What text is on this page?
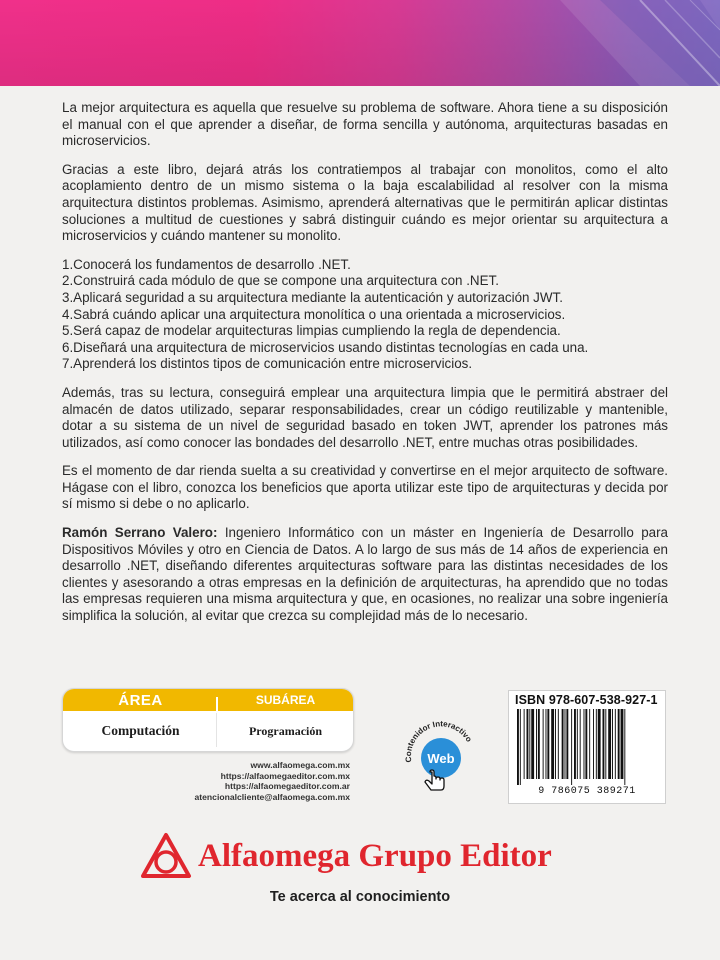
La mejor arquitectura es aquella que resuelve su problema de software. Ahora tiene a su disposición el manual con el que aprender a diseñar, de forma sencilla y autónoma, arquitecturas basadas en microservicios.

Gracias a este libro, dejará atrás los contratiempos al trabajar con monolitos, como el alto acoplamiento dentro de un mismo sistema o la baja escalabilidad al resolver con la misma arquitectura distintos problemas. Asimismo, aprenderá alternativas que le permitirán aplicar distintas soluciones a multitud de cuestiones y sabrá distinguir cuándo es mejor orientar su arquitectura a microservicios y cuándo mantener su monolito.

1.Conocerá los fundamentos de desarrollo .NET.
2.Construirá cada módulo de que se compone una arquitectura con .NET.
3.Aplicará seguridad a su arquitectura mediante la autenticación y autorización JWT.
4.Sabrá cuándo aplicar una arquitectura monolítica o una orientada a microservicios.
5.Será capaz de modelar arquitecturas limpias cumpliendo la regla de dependencia.
6.Diseñará una arquitectura de microservicios usando distintas tecnologías en cada una.
7.Aprenderá los distintos tipos de comunicación entre microservicios.

Además, tras su lectura, conseguirá emplear una arquitectura limpia que le permitirá abstraer del almacén de datos utilizado, separar responsabilidades, crear un código reutilizable y mantenible, dotar a su sistema de un nivel de seguridad basado en token JWT, aprender los patrones más utilizados, así como conocer las bondades del desarrollo .NET, entre muchas otras posibilidades.

Es el momento de dar rienda suelta a su creatividad y convertirse en el mejor arquitecto de software. Hágase con el libro, conozca los beneficios que aporta utilizar este tipo de arquitecturas y decida por sí mismo si debe o no aplicarlo.

Ramón Serrano Valero: Ingeniero Informático con un máster en Ingeniería de Desarrollo para Dispositivos Móviles y otro en Ciencia de Datos. A lo largo de sus más de 14 años de experiencia en desarrollo .NET, diseñando diferentes arquitecturas software para las distintas necesidades de los clientes y asesorando a otras empresas en la definición de arquitecturas, ha aprendido que no todas las empresas requieren una misma arquitectura y que, en ocasiones, no realizar una sobre ingeniería simplifica la solución, al evitar que crezca su complejidad más de lo necesario.

ÁREA	SUBÁREA
Computación	Programación
www.alfaomega.com.mx
https://alfaomegaeditor.com.mx
https://alfaomegaeditor.com.ar
atencionalcliente@alfaomega.com.mx
Contenidor Interactivo
Web
ISBN 978-607-538-927-1
9 786075 389271
Alfaomega Grupo Editor
Te acerca al conocimiento
